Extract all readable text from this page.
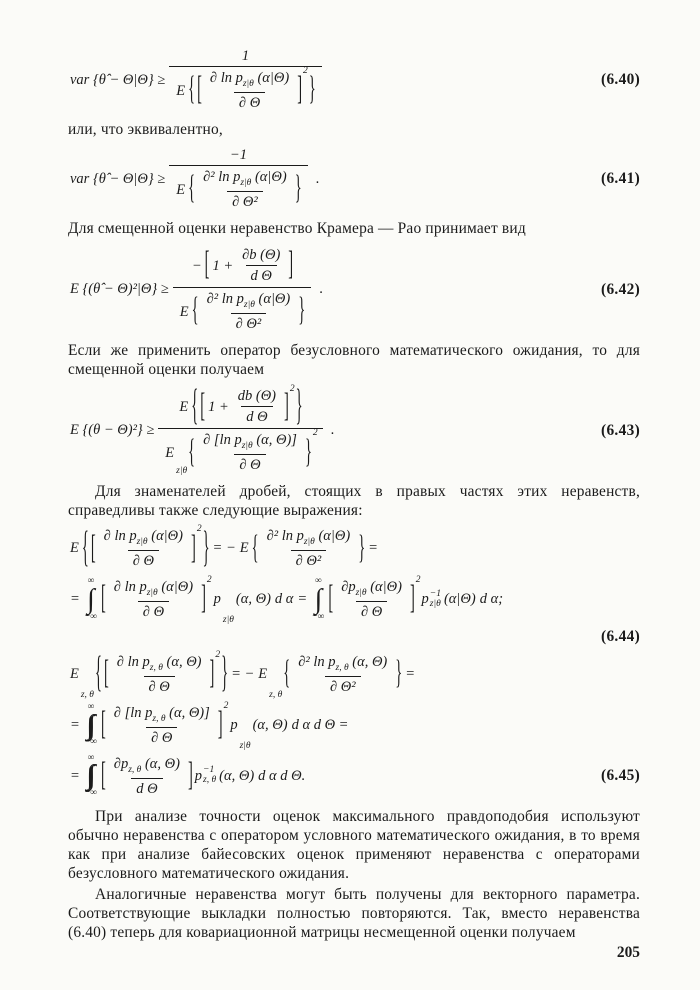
var {θ̂ − Θ|Θ} ≥
1
E { [ $\frac{\partial \ln p_{z|\theta} (\alpha|\Theta)}{\partial \Theta}$ ]
$^2$
}	(6.40)
или, что эквивалентно,
var {θ̂ − Θ|Θ} ≥
−1
E { $\frac{\partial^2 \ln p_{z|\theta} (\alpha|\Theta)}{\text{∂ Θ²}}$ } .	(6.41)
Для смещенной оценки неравенство Крамера — Рао принимает вид
E {(θ̂ − Θ)²|Θ} ≥
− [ $1 + \frac{\partial b (\Theta)}{\text{d Θ}}$ ]
E { $\frac{\partial^2 \ln p_{z|\theta} (\alpha|\Theta)}{\text{∂ Θ²}}$ }
.	(6.42)
Если же применить оператор безусловного математического ожидания, то для смещенной оценки получаем
E {(θ − Θ)²} ≥
E { [ $1 + \frac{db (\Theta)}{\text{d Θ}} ]^2$ }
E
z|θ
{ $\frac{\partial [\ln p_{z|\theta} (\alpha, \Theta)]}{\partial \Theta}$ }
$^2$ .	(6.43)
Для знаменателей дробей, стоящих в правых частях этих неравенств, справедливы также следующие выражения:
E { [ $\frac{\partial \ln p_{z|\theta} (\alpha|\Theta)}{\partial \Theta}$ ]
$^2$ } = − E { $\frac{\partial^2 \ln p_{z|\theta} (\alpha|\Theta)}{\text{∂ Θ²}}$ } =
=
∞
∫
−∞ [ $\frac{\partial \ln p_{z|\theta} (\alpha|\Theta)}{\partial \Theta}$ ]
$^2$
p
z|θ
(α, Θ) d α =
∞
∫
−∞ [ $\frac{\partial p_{z|\theta} (\alpha|\Theta)}{\partial \Theta}$ ]
$^2$
p −1
z|θ (α|Θ) d α;
(6.44)
E
z, θ { [ $\frac{\partial \ln p_{z, \theta} (\alpha, \Theta)}{\partial \Theta}$ ]
$^2$ } = − E
z, θ
{ $\frac{\partial^2 \ln p_{z, \theta} (\alpha, \Theta)}{\text{∂ Θ²}}$ } =
=
∞
∫∫
−∞ [ $\frac{\partial [\ln p_{z, \theta} (\alpha, \Theta)]}{\partial \Theta}$ ]
$^2$
p
z|θ
(α, Θ) d α d Θ =
=
∞
∫∫
−∞ [ $\frac{\partial p_{z, \theta} (\alpha, \Theta)}{\text{d Θ}}$ ] p −1
z, θ (α, Θ) d α d Θ.	(6.45)
При анализе точности оценок максимального правдоподобия используют обычно неравенства с оператором условного математического ожидания, в то время как при анализе байесовских оценок применяют неравенства с операторами безусловного математического ожидания.
Аналогичные неравенства могут быть получены для векторного параметра. Соответствующие выкладки полностью повторяются. Так, вместо неравенства (6.40) теперь для ковариационной матрицы несмещенной оценки получаем
205
